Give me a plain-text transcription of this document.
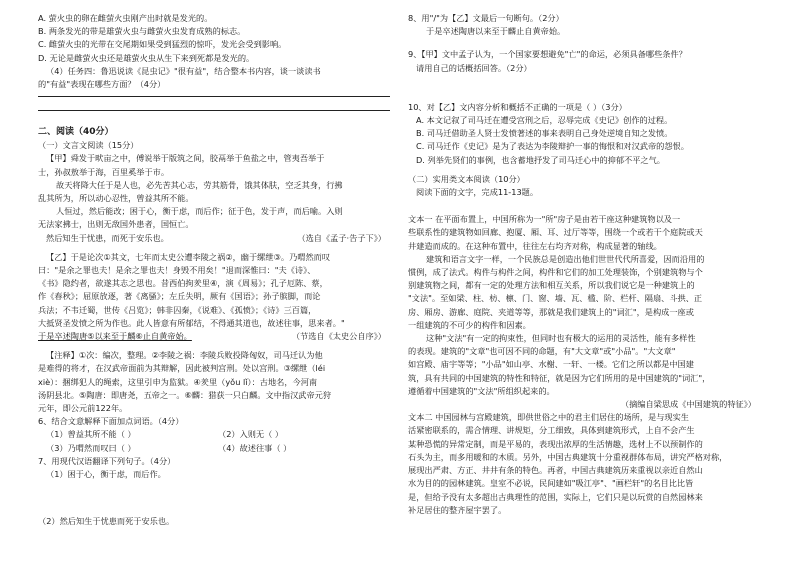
A. 萤火虫的卵在雌萤火虫刚产出时就是发光的。
B. 两条发光的带是雄萤火虫与雌萤火虫发育成熟的标志。
C. 雌萤火虫的光带在交尾期如果受到猛烈的惊吓，发光会受到影响。
D. 无论是雌萤火虫还是雄萤火虫从生下来到死都是发光的。
（4）任务四：鲁迅说读《昆虫记》"很有益"，结合整本书内容，谈一谈读书
的"有益"表现在哪些方面？（4分）
二、阅读（40分）
（一）文言文阅读（15分）
【甲】舜发于畎亩之中，傅说举于版筑之间，胶鬲举于鱼盐之中，管夷吾举于
士，孙叔敖举于海，百里奚举于市。
故天将降大任于是人也，必先苦其心志，劳其筋骨，饿其体肤，空乏其身，行拂
乱其所为，所以动心忍性，曾益其所不能。
人恒过，然后能改；困于心，衡于虑，而后作；征于色，发于声，而后喻。入则
无法家拂士，出则无敌国外患者，国恒亡。
然后知生于忧患，而死于安乐也。	（选自《孟子·告子下》）
【乙】于是论次①其文，七年而太史公遭李陵之祸②，幽于缧绁③。乃喟然而叹
曰："是余之罪也夫！是余之罪也夫！身毁不用矣！"退而深惟曰："夫《诗》、
《书》隐约者，欲遂其志之思也。昔西伯拘羑里④，演《周易》；孔子厄陈、蔡，
作《春秋》；屈原放逐，著《离骚》；左丘失明，厥有《国语》；孙子膑脚，而论
兵法；不韦迁蜀，世传《吕览》；韩非囚秦，《说难》、《孤愤》；《诗》三百篇，
大抵贤圣发愤之所为作也。此人皆意有所郁结，不得通其道也，故述往事，思来者。"
于是卒述陶唐⑤以来至于麟⑥止自黄帝始。	（节选自《太史公自序》）
【注释】①次：编次，整理。②李陵之祸：李陵兵败投降匈奴，司马迁认为他
是难得的将才，在汉武帝面前为其辩解，因此被判宫刑。处以宫刑。③缧绁（léi
xiè）：捆绑犯人的绳索，这里引申为监狱。④羑里（yǒu lǐ）：古地名，今河南
汤阴县北。⑤陶唐：即唐尧，五帝之一。⑥麟：猎获一只白麟。文中指汉武帝元狩
元年，即公元前122年。
6、结合文意解释下面加点词语。（4分）
（1）曾益其所不能（ ）	（2）入则无（ ）
（3）乃喟然而叹曰（ ）	（4）故述往事（ ）
7、用现代汉语翻译下列句子。（4分）
（1）困于心，衡于虑，而后作。
（2）然后知生于忧患而死于安乐也。
8、用"/"为【乙】文最后一句断句。（2分）
于是卒述陶唐以来至于麟止自黄帝始。
9、【甲】文中孟子认为，一个国家要想避免"亡"的命运，必须具备哪些条件？
请用自己的话概括回答。（2分）
10、对【乙】文内容分析和概括不正确的一项是（ ）（3分）
A. 本文记叙了司马迁在遭受宫刑之后，忍辱完成《史记》创作的过程。
B. 司马迁借助圣人贤士发愤著述的事来表明自己身处逆境自知之发愤。
C. 司马迁作《史记》是为了表达为李陵辩护一事的悔恨和对汉武帝的怨恨。
D. 列举先贤们的事例，也含蓄地抒发了司马迁心中的抑郁不平之气。
（二）实用类文本阅读（10分）
阅读下面的文字，完成11-13题。
文本一 在平面布置上，中国所称为一"所"房子是由若干座这种建筑物以及一
些联系性的建筑物如回廊、抱厦、厢、耳、过厅等等，围绕一个或若干个庭院或天
井建造而成的。在这种布置中，往往左右均齐对称，构成显著的轴线。
建筑和语言文字一样，一个民族总是创造出他们世世代代所喜爱，因而沿用的
惯例，成了法式。构件与构件之间，构件和它们的加工处理装饰，个别建筑物与个
别建筑物之间，都有一定的处理方法和相互关系，所以我们说它是一种建筑上的
"文法"。至如梁、柱、枋、檩、门、窗、墙、瓦、槛、阶、栏杆、隔扇、斗拱、正
房、厢房、游廊、庭院、夹道等等，那就是我们建筑上的"词汇"，是构成一座或
一组建筑的不可少的构件和因素。
这种"文法"有一定的拘束性，但同时也有极大的运用的灵活性，能有多样性
的表现。建筑的"文章"也可因不同的命题，有"大文章"或"小品"。"大文章"
如宫殿、庙宇等等；"小品"如山亭、水榭、一轩、一楼。它们之所以都是中国建
筑，具有共同的中国建筑的特性和特征，就是因为它们所用的是中国建筑的"词汇"，
遵循着中国建筑的"文法"所组织起来的。
（摘编自梁思成《中国建筑的特征》）
文本二 中国园林与宫殿建筑，即供世俗之中的君主们居住的场所，是与现实生
活紧密联系的，需合情理、讲规矩，分工细致，具体到建筑形式，上自不会产生
某种恐慌的异常定制，而是平易的，表现出浓厚的生活情趣，选材上不以预制作的
石头为主，而多用暖和的木质。另外，中国古典建筑十分重视群体布局，讲究严格对称，
展现出严肃、方正、井井有条的特色。再者，中国古典建筑历来重视以亲近自然山
水为目的的园林建筑。皇室不必说，民间建如"吸江亭"、"画栏轩"的名目比比皆
是，但给予没有太多超出古典理性的范围，实际上，它们只是以玩赏的自然园林来
补足居住的整齐屋宇罢了。
